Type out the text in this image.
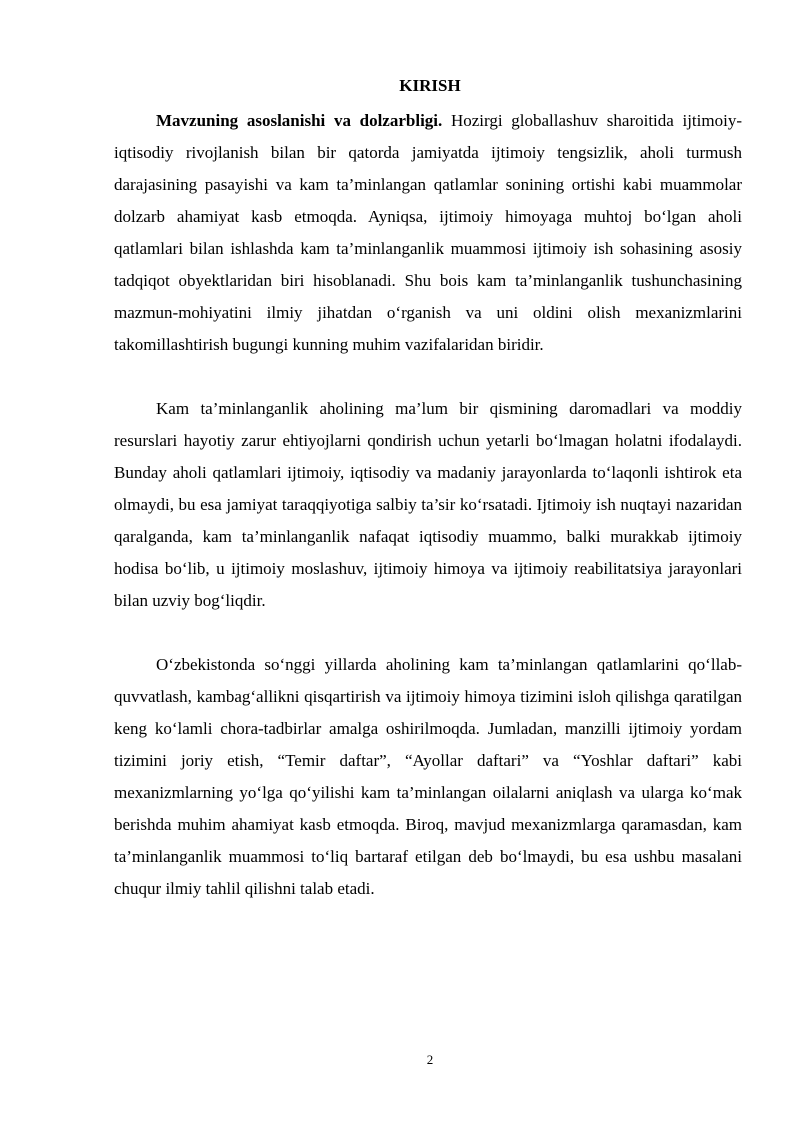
KIRISH

Mavzuning asoslanishi va dolzarbligi. Hozirgi globallashuv sharoitida ijtimoiy-iqtisodiy rivojlanish bilan bir qatorda jamiyatda ijtimoiy tengsizlik, aholi turmush darajasining pasayishi va kam ta’minlangan qatlamlar sonining ortishi kabi muammolar dolzarb ahamiyat kasb etmoqda. Ayniqsa, ijtimoiy himoyaga muhtoj bo‘lgan aholi qatlamlari bilan ishlashda kam ta’minlanganlik muammosi ijtimoiy ish sohasining asosiy tadqiqot obyektlaridan biri hisoblanadi. Shu bois kam ta’minlanganlik tushunchasining mazmun-mohiyatini ilmiy jihatdan o‘rganish va uni oldini olish mexanizmlarini takomillashtirish bugungi kunning muhim vazifalaridan biridir.

Kam ta’minlanganlik aholining ma’lum bir qismining daromadlari va moddiy resurslari hayotiy zarur ehtiyojlarni qondirish uchun yetarli bo‘lmagan holatni ifodalaydi. Bunday aholi qatlamlari ijtimoiy, iqtisodiy va madaniy jarayonlarda to‘laqonli ishtirok eta olmaydi, bu esa jamiyat taraqqiyotiga salbiy ta’sir ko‘rsatadi. Ijtimoiy ish nuqtayi nazaridan qaralganda, kam ta’minlanganlik nafaqat iqtisodiy muammo, balki murakkab ijtimoiy hodisa bo‘lib, u ijtimoiy moslashuv, ijtimoiy himoya va ijtimoiy reabilitatsiya jarayonlari bilan uzviy bog‘liqdir.

O‘zbekistonda so‘nggi yillarda aholining kam ta’minlangan qatlamlarini qo‘llab-quvvatlash, kambag‘allikni qisqartirish va ijtimoiy himoya tizimini isloh qilishga qaratilgan keng ko‘lamli chora-tadbirlar amalga oshirilmoqda. Jumladan, manzilli ijtimoiy yordam tizimini joriy etish, “Temir daftar”, “Ayollar daftari” va “Yoshlar daftari” kabi mexanizmlarning yo‘lga qo‘yilishi kam ta’minlangan oilalarni aniqlash va ularga ko‘mak berishda muhim ahamiyat kasb etmoqda. Biroq, mavjud mexanizmlarga qaramasdan, kam ta’minlanganlik muammosi to‘liq bartaraf etilgan deb bo‘lmaydi, bu esa ushbu masalani chuqur ilmiy tahlil qilishni talab etadi.

2
